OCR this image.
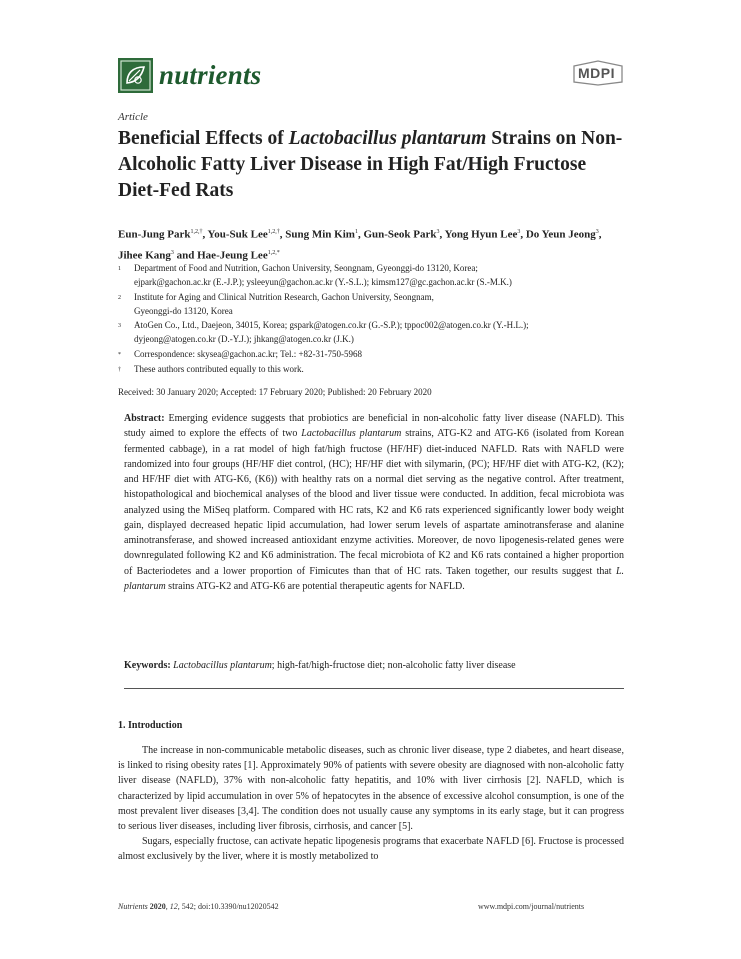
nutrients	MDPI
Article
Beneficial Effects of Lactobacillus plantarum Strains on Non-Alcoholic Fatty Liver Disease in High Fat/High Fructose Diet-Fed Rats
Eun-Jung Park$^{1,2,\dagger}$, You-Suk Lee$^{1,2,\dagger}$, Sung Min Kim$^1$, Gun-Seok Park$^3$, Yong Hyun Lee$^3$, Do Yeun Jeong$^3$, Jihee Kang$^3$ and Hae-Jeung Lee$^{1,2,*}$
1	Department of Food and Nutrition, Gachon University, Seongnam, Gyeonggi-do 13120, Korea;
ejpark@gachon.ac.kr (E.-J.P.); ysleeyun@gachon.ac.kr (Y.-S.L.); kimsm127@gc.gachon.ac.kr (S.-M.K.)
2	Institute for Aging and Clinical Nutrition Research, Gachon University, Seongnam,
Gyeonggi-do 13120, Korea
3	AtoGen Co., Ltd., Daejeon, 34015, Korea; gspark@atogen.co.kr (G.-S.P.); tppoc002@atogen.co.kr (Y.-H.L.);
dyjeong@atogen.co.kr (D.-Y.J.); jhkang@atogen.co.kr (J.K.)
*	Correspondence: skysea@gachon.ac.kr; Tel.: +82-31-750-5968
†	These authors contributed equally to this work.
Received: 30 January 2020; Accepted: 17 February 2020; Published: 20 February 2020

Abstract: Emerging evidence suggests that probiotics are beneficial in non-alcoholic fatty liver disease (NAFLD). This study aimed to explore the effects of two Lactobacillus plantarum strains, ATG-K2 and ATG-K6 (isolated from Korean fermented cabbage), in a rat model of high fat/high fructose (HF/HF) diet-induced NAFLD. Rats with NAFLD were randomized into four groups (HF/HF diet control, (HC); HF/HF diet with silymarin, (PC); HF/HF diet with ATG-K2, (K2); and HF/HF diet with ATG-K6, (K6)) with healthy rats on a normal diet serving as the negative control. After treatment, histopathological and biochemical analyses of the blood and liver tissue were conducted. In addition, fecal microbiota was analyzed using the MiSeq platform. Compared with HC rats, K2 and K6 rats experienced significantly lower body weight gain, displayed decreased hepatic lipid accumulation, had lower serum levels of aspartate aminotransferase and alanine aminotransferase, and showed increased antioxidant enzyme activities. Moreover, de novo lipogenesis-related genes were downregulated following K2 and K6 administration. The fecal microbiota of K2 and K6 rats contained a higher proportion of Bacteriodetes and a lower proportion of Fimicutes than that of HC rats. Taken together, our results suggest that L. plantarum strains ATG-K2 and ATG-K6 are potential therapeutic agents for NAFLD.

Keywords: Lactobacillus plantarum; high-fat/high-fructose diet; non-alcoholic fatty liver disease
1. Introduction

The increase in non-communicable metabolic diseases, such as chronic liver disease, type 2 diabetes, and heart disease, is linked to rising obesity rates [1]. Approximately 90% of patients with severe obesity are diagnosed with non-alcoholic fatty liver disease (NAFLD), 37% with non-alcoholic fatty hepatitis, and 10% with liver cirrhosis [2]. NAFLD, which is characterized by lipid accumulation in over 5% of hepatocytes in the absence of excessive alcohol consumption, is one of the most prevalent liver diseases [3,4]. The condition does not usually cause any symptoms in its early stage, but it can progress to serious liver diseases, including liver fibrosis, cirrhosis, and cancer [5].

Sugars, especially fructose, can activate hepatic lipogenesis programs that exacerbate NAFLD [6]. Fructose is processed almost exclusively by the liver, where it is mostly metabolized to

Nutrients 2020, 12, 542; doi:10.3390/nu12020542	www.mdpi.com/journal/nutrients
